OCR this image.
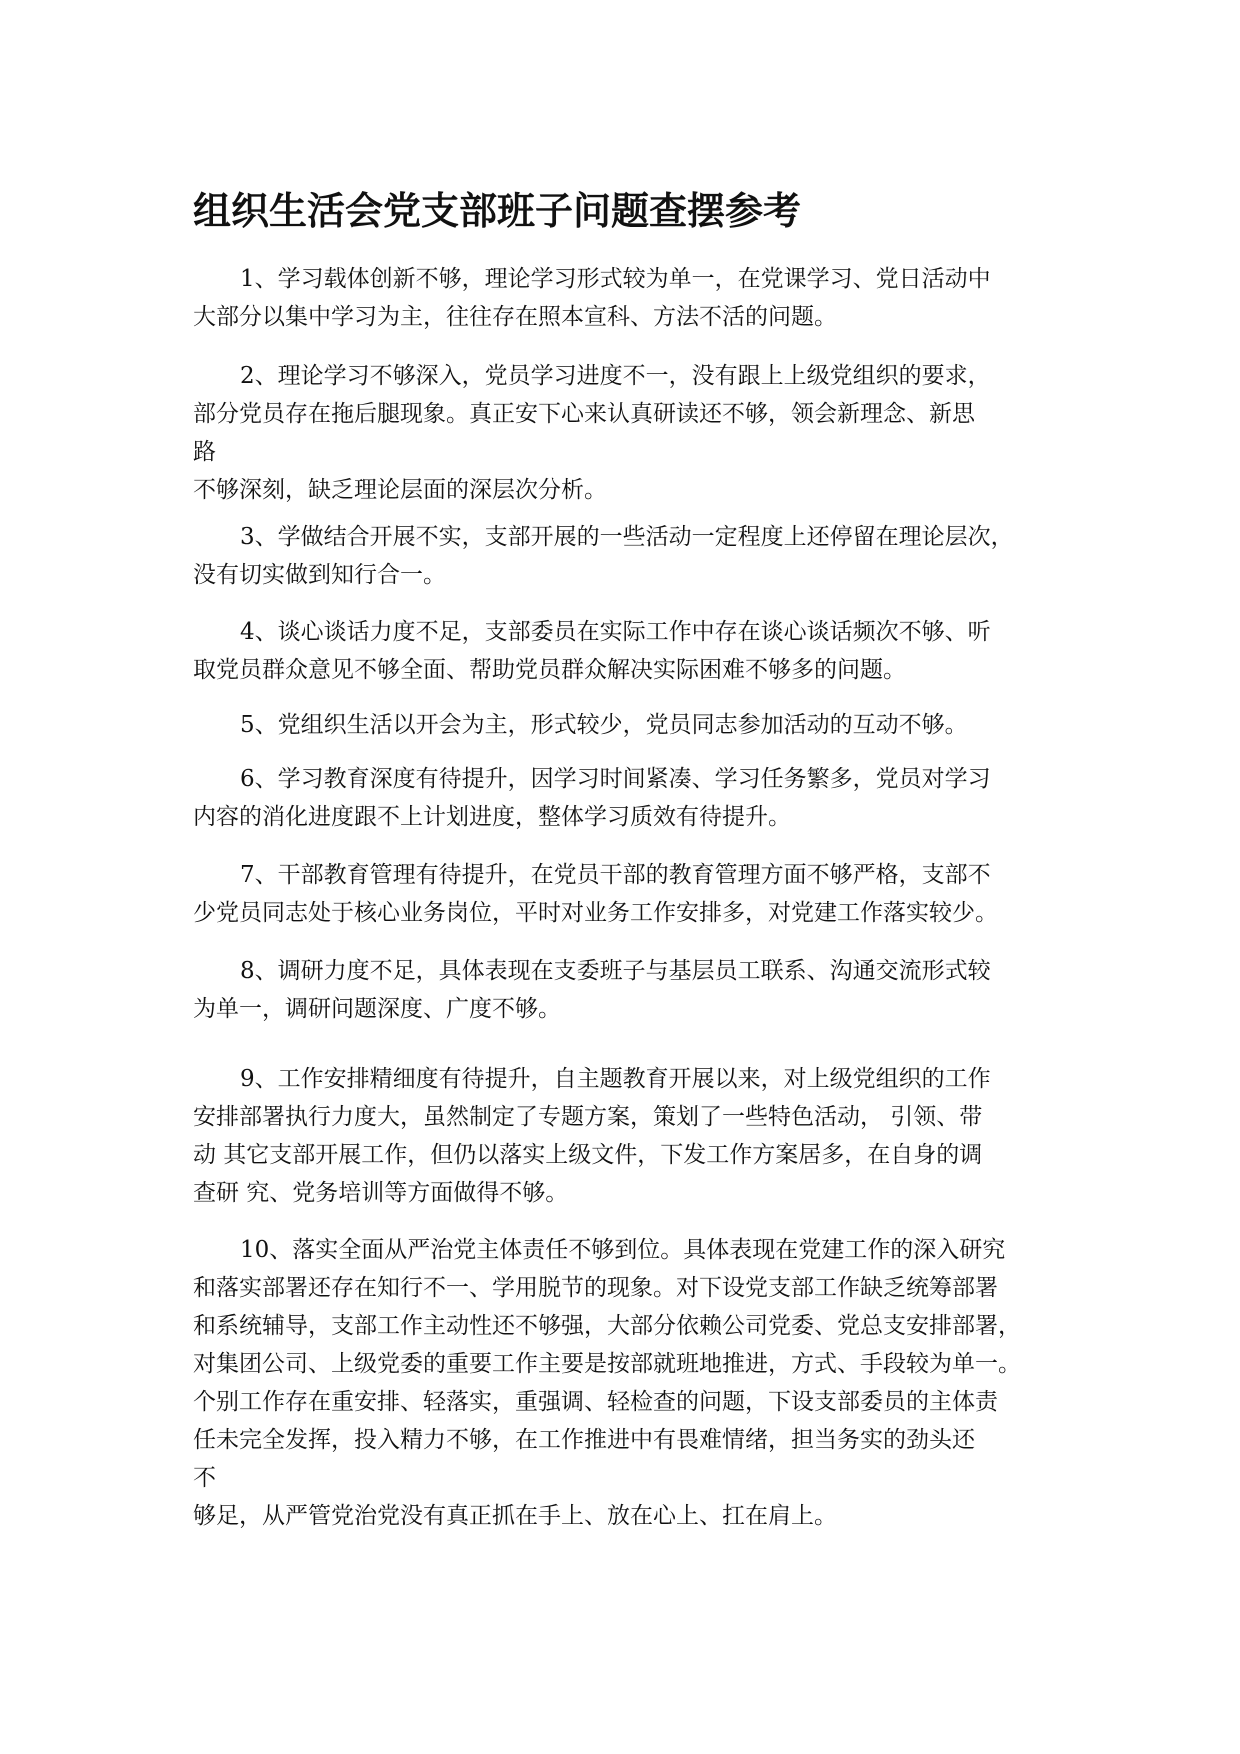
组织生活会党支部班子问题查摆参考
1、学习载体创新不够，理论学习形式较为单一，在党课学习、党日活动中
大部分以集中学习为主，往往存在照本宣科、方法不活的问题。
2、理论学习不够深入，党员学习进度不一，没有跟上上级党组织的要求，
部分党员存在拖后腿现象。真正安下心来认真研读还不够，领会新理念、新思
路
不够深刻，缺乏理论层面的深层次分析。
3、学做结合开展不实，支部开展的一些活动一定程度上还停留在理论层次，
没有切实做到知行合一。
4、谈心谈话力度不足，支部委员在实际工作中存在谈心谈话频次不够、听
取党员群众意见不够全面、帮助党员群众解决实际困难不够多的问题。
5、党组织生活以开会为主，形式较少，党员同志参加活动的互动不够。
6、学习教育深度有待提升，因学习时间紧凑、学习任务繁多，党员对学习
内容的消化进度跟不上计划进度，整体学习质效有待提升。
7、干部教育管理有待提升，在党员干部的教育管理方面不够严格，支部不
少党员同志处于核心业务岗位，平时对业务工作安排多，对党建工作落实较少。
8、调研力度不足，具体表现在支委班子与基层员工联系、沟通交流形式较
为单一，调研问题深度、广度不够。
9、工作安排精细度有待提升，自主题教育开展以来，对上级党组织的工作
安排部署执行力度大，虽然制定了专题方案，策划了一些特色活动， 引领、带
动 其它支部开展工作，但仍以落实上级文件，下发工作方案居多，在自身的调
查研 究、党务培训等方面做得不够。
10、落实全面从严治党主体责任不够到位。具体表现在党建工作的深入研究
和落实部署还存在知行不一、学用脱节的现象。对下设党支部工作缺乏统筹部署
和系统辅导，支部工作主动性还不够强，大部分依赖公司党委、党总支安排部署，
对集团公司、上级党委的重要工作主要是按部就班地推进，方式、手段较为单一。
个别工作存在重安排、轻落实，重强调、轻检查的问题，下设支部委员的主体责
任未完全发挥，投入精力不够，在工作推进中有畏难情绪，担当务实的劲头还
不
够足，从严管党治党没有真正抓在手上、放在心上、扛在肩上。
